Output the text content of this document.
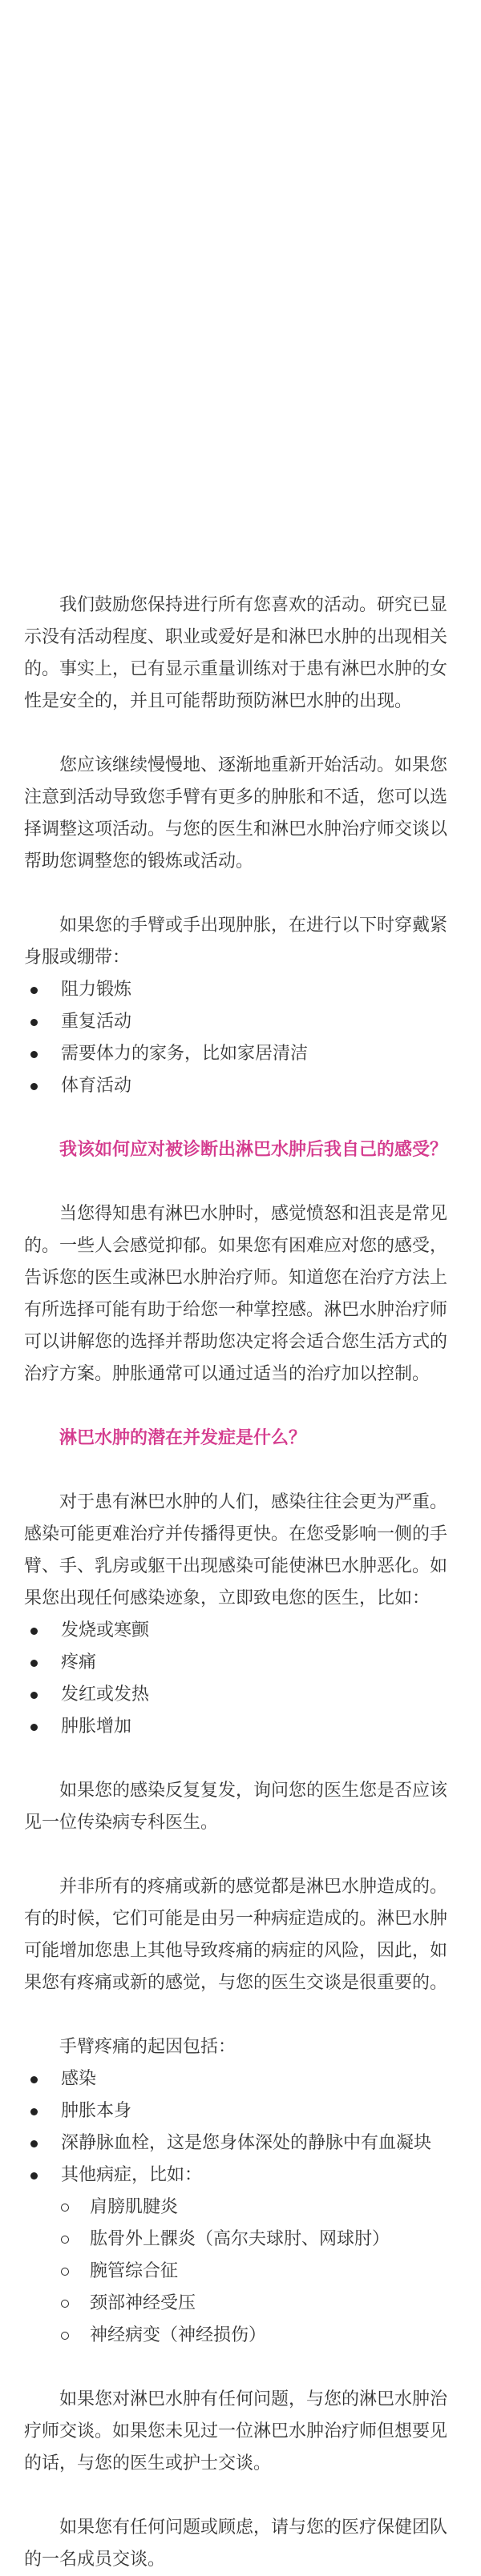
我们鼓励您保持进行所有您喜欢的活动。研究已显示没有活动程度、职业或爱好是和淋巴水肿的出现相关的。事实上，已有显示重量训练对于患有淋巴水肿的女性是安全的，并且可能帮助预防淋巴水肿的出现。

您应该继续慢慢地、逐渐地重新开始活动。如果您注意到活动导致您手臂有更多的肿胀和不适，您可以选择调整这项活动。与您的医生和淋巴水肿治疗师交谈以帮助您调整您的锻炼或活动。

如果您的手臂或手出现肿胀，在进行以下时穿戴紧身服或绷带：

阻力锻炼
重复活动
需要体力的家务，比如家居清洁
体育活动

我该如何应对被诊断出淋巴水肿后我自己的感受？

当您得知患有淋巴水肿时，感觉愤怒和沮丧是常见的。一些人会感觉抑郁。如果您有困难应对您的感受，告诉您的医生或淋巴水肿治疗师。知道您在治疗方法上有所选择可能有助于给您一种掌控感。淋巴水肿治疗师可以讲解您的选择并帮助您决定将会适合您生活方式的治疗方案。肿胀通常可以通过适当的治疗加以控制。

淋巴水肿的潜在并发症是什么？

对于患有淋巴水肿的人们，感染往往会更为严重。感染可能更难治疗并传播得更快。在您受影响一侧的手臂、手、乳房或躯干出现感染可能使淋巴水肿恶化。如果您出现任何感染迹象，立即致电您的医生，比如：

发烧或寒颤
疼痛
发红或发热
肿胀增加

如果您的感染反复复发，询问您的医生您是否应该见一位传染病专科医生。

并非所有的疼痛或新的感觉都是淋巴水肿造成的。有的时候，它们可能是由另一种病症造成的。淋巴水肿可能增加您患上其他导致疼痛的病症的风险，因此，如果您有疼痛或新的感觉，与您的医生交谈是很重要的。

手臂疼痛的起因包括：

感染
肿胀本身
深静脉血栓，这是您身体深处的静脉中有血凝块
其他病症，比如：
肩膀肌腱炎
肱骨外上髁炎（高尔夫球肘、网球肘）
腕管综合征
颈部神经受压
神经病变（神经损伤）

如果您对淋巴水肿有任何问题，与您的淋巴水肿治疗师交谈。如果您未见过一位淋巴水肿治疗师但想要见的话，与您的医生或护士交谈。

如果您有任何问题或顾虑，请与您的医疗保健团队的一名成员交谈。
